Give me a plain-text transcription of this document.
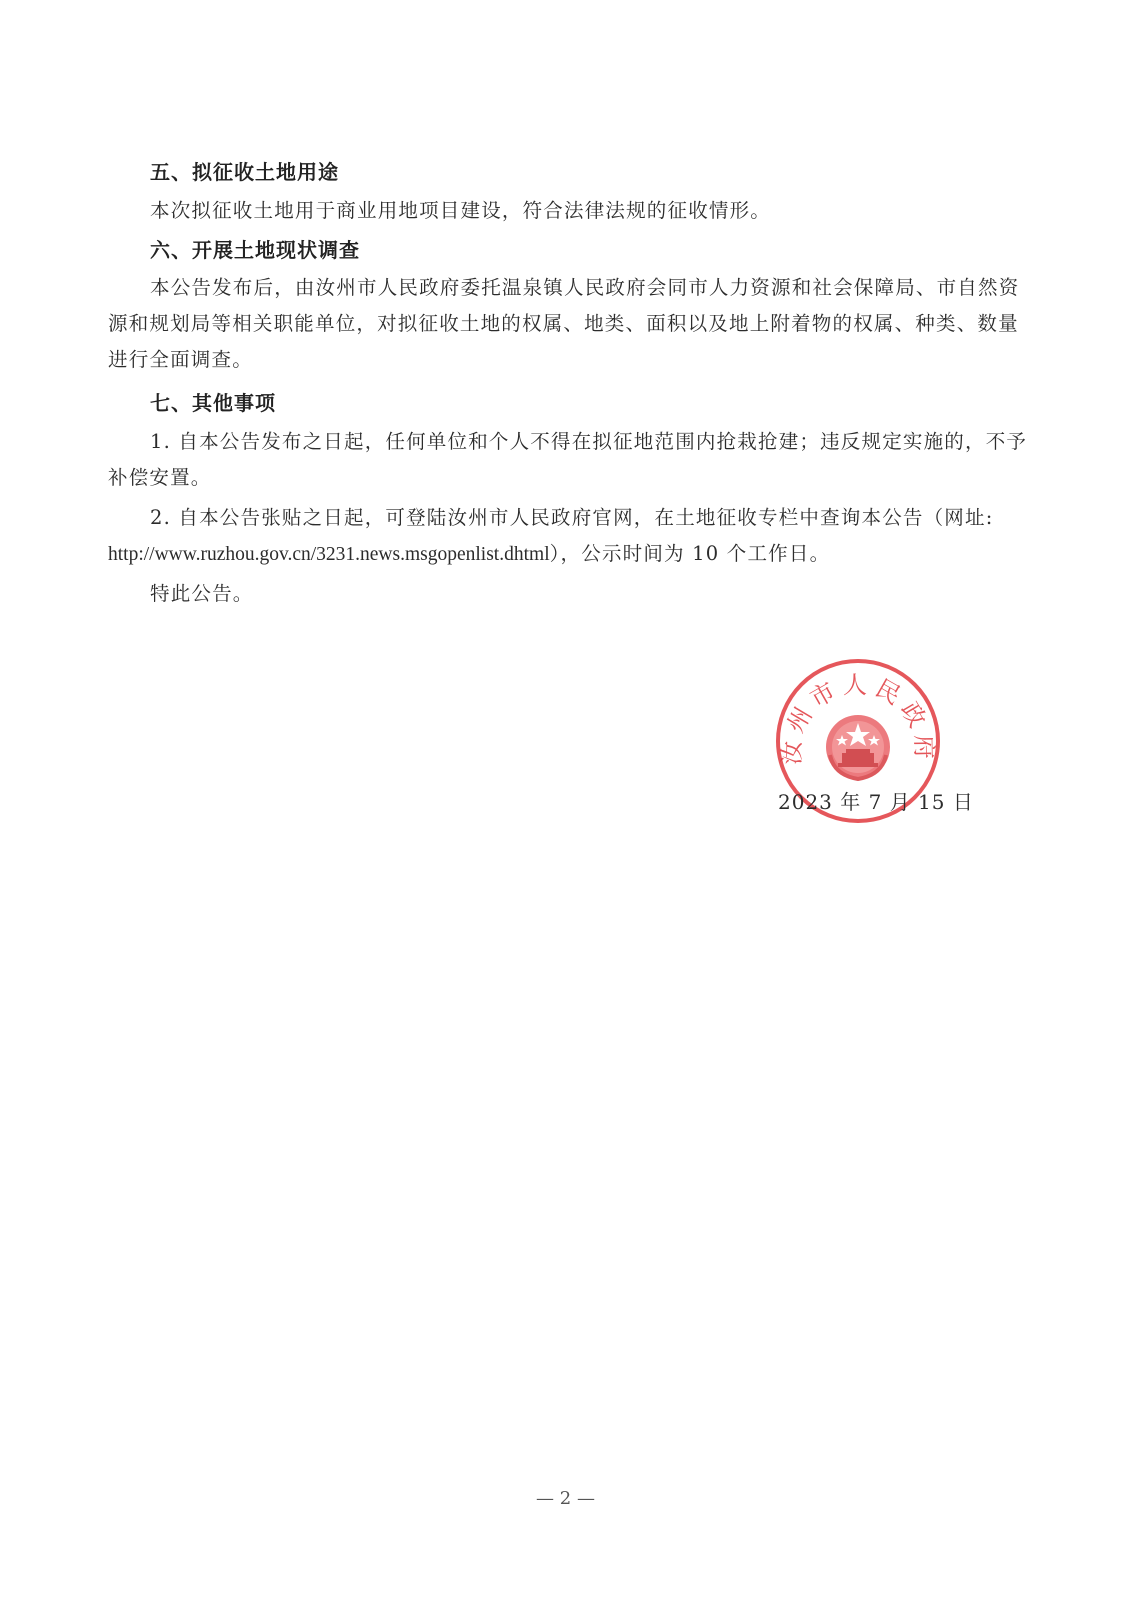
五、拟征收土地用途
本次拟征收土地用于商业用地项目建设，符合法律法规的征收情形。
六、开展土地现状调查
本公告发布后，由汝州市人民政府委托温泉镇人民政府会同市人力资源和社会保障局、市自然资源和规划局等相关职能单位，对拟征收土地的权属、地类、面积以及地上附着物的权属、种类、数量进行全面调查。
七、其他事项
1. 自本公告发布之日起，任何单位和个人不得在拟征地范围内抢栽抢建；违反规定实施的，不予补偿安置。
2. 自本公告张贴之日起，可登陆汝州市人民政府官网，在土地征收专栏中查询本公告（网址: http://www.ruzhou.gov.cn/3231.news.msgopenlist.dhtml），公示时间为 10 个工作日。
特此公告。
汝州市人民政府
2023 年 7 月 15 日
— 2 —
